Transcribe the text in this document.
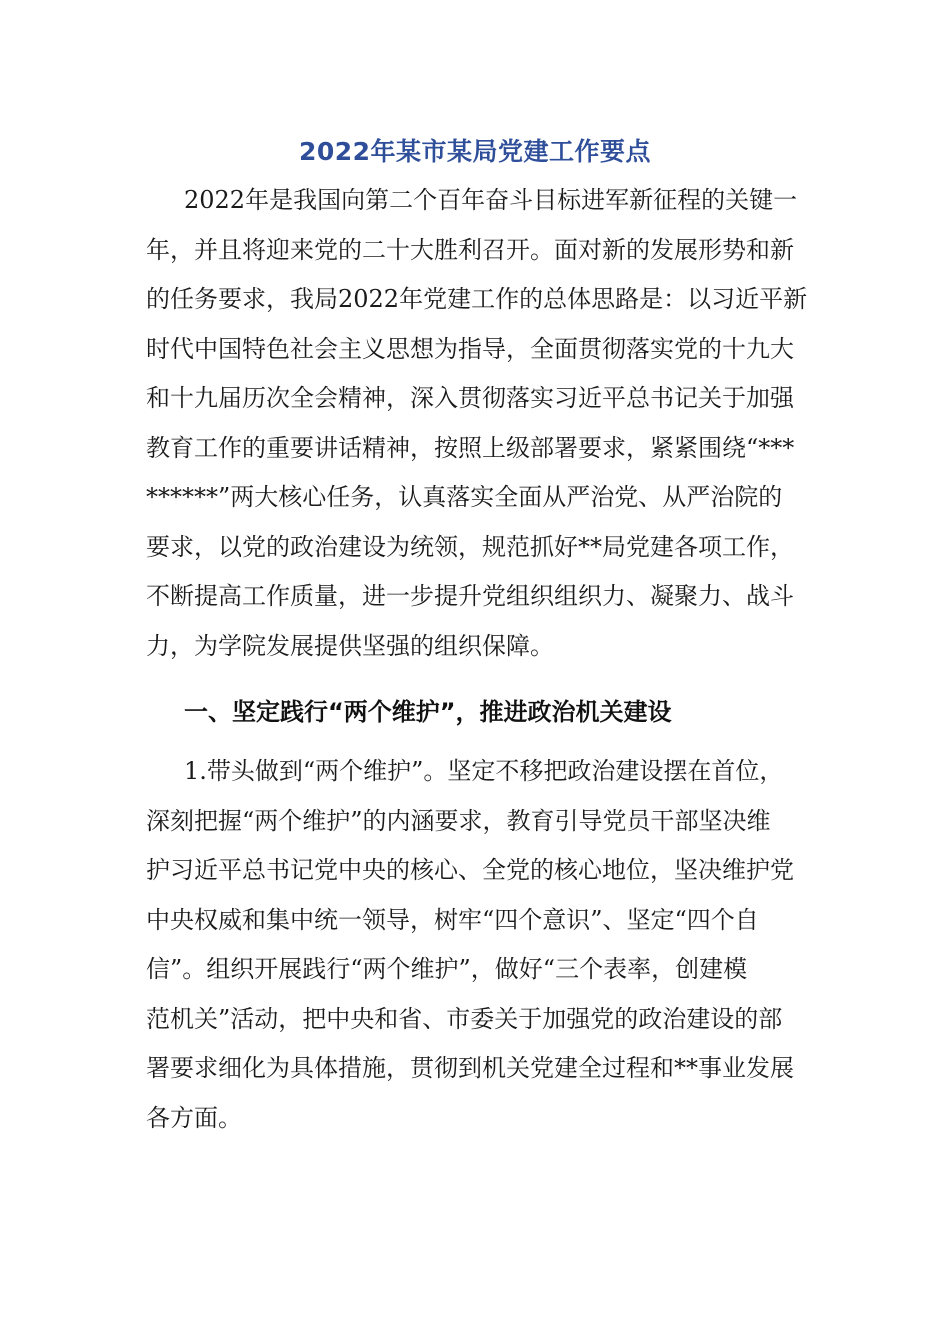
2022年某市某局党建工作要点
2022年是我国向第二个百年奋斗目标进军新征程的关键一
年，并且将迎来党的二十大胜利召开。面对新的发展形势和新
的任务要求，我局2022年党建工作的总体思路是：以习近平新
时代中国特色社会主义思想为指导，全面贯彻落实党的十九大
和十九届历次全会精神，深入贯彻落实习近平总书记关于加强
教育工作的重要讲话精神，按照上级部署要求，紧紧围绕“***
******”两大核心任务，认真落实全面从严治党、从严治院的
要求，以党的政治建设为统领，规范抓好**局党建各项工作，
不断提高工作质量，进一步提升党组织组织力、凝聚力、战斗
力，为学院发展提供坚强的组织保障。
一、坚定践行“两个维护”，推进政治机关建设
1.带头做到“两个维护”。坚定不移把政治建设摆在首位，
深刻把握“两个维护”的内涵要求，教育引导党员干部坚决维
护习近平总书记党中央的核心、全党的核心地位，坚决维护党
中央权威和集中统一领导，树牢“四个意识”、坚定“四个自
信”。组织开展践行“两个维护”，做好“三个表率，创建模
范机关”活动，把中央和省、市委关于加强党的政治建设的部
署要求细化为具体措施，贯彻到机关党建全过程和**事业发展
各方面。
